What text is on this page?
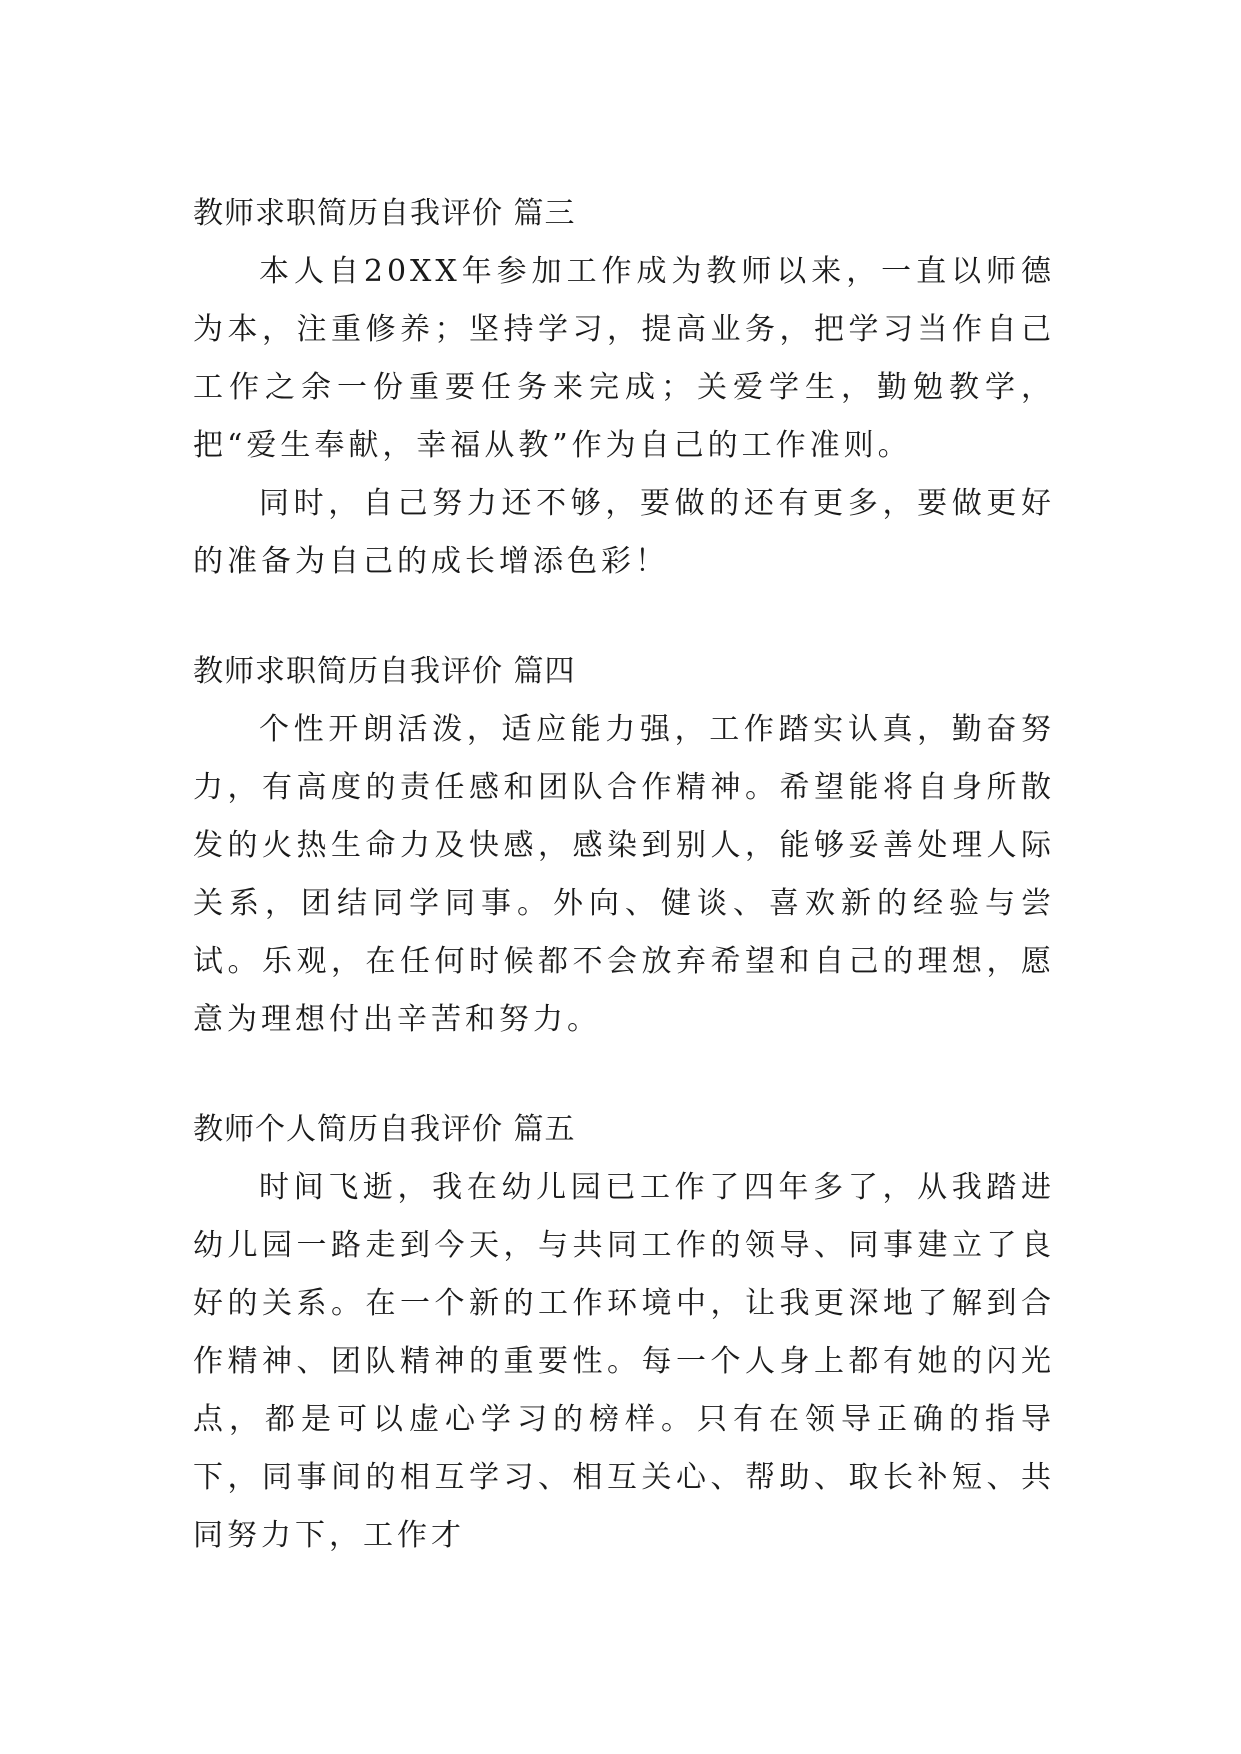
教师求职简历自我评价 篇三

本人自20XX年参加工作成为教师以来，一直以师德为本，注重修养；坚持学习，提高业务，把学习当作自己工作之余一份重要任务来完成；关爱学生，勤勉教学，把“爱生奉献，幸福从教”作为自己的工作准则。

同时，自己努力还不够，要做的还有更多，要做更好的准备为自己的成长增添色彩！

教师求职简历自我评价 篇四

个性开朗活泼，适应能力强，工作踏实认真，勤奋努力，有高度的责任感和团队合作精神。希望能将自身所散发的火热生命力及快感，感染到别人，能够妥善处理人际关系，团结同学同事。外向、健谈、喜欢新的经验与尝试。乐观，在任何时候都不会放弃希望和自己的理想，愿意为理想付出辛苦和努力。

教师个人简历自我评价 篇五

时间飞逝，我在幼儿园已工作了四年多了，从我踏进幼儿园一路走到今天，与共同工作的领导、同事建立了良好的关系。在一个新的工作环境中，让我更深地了解到合作精神、团队精神的重要性。每一个人身上都有她的闪光点，都是可以虚心学习的榜样。只有在领导正确的指导下，同事间的相互学习、相互关心、帮助、取长补短、共同努力下，工作才
